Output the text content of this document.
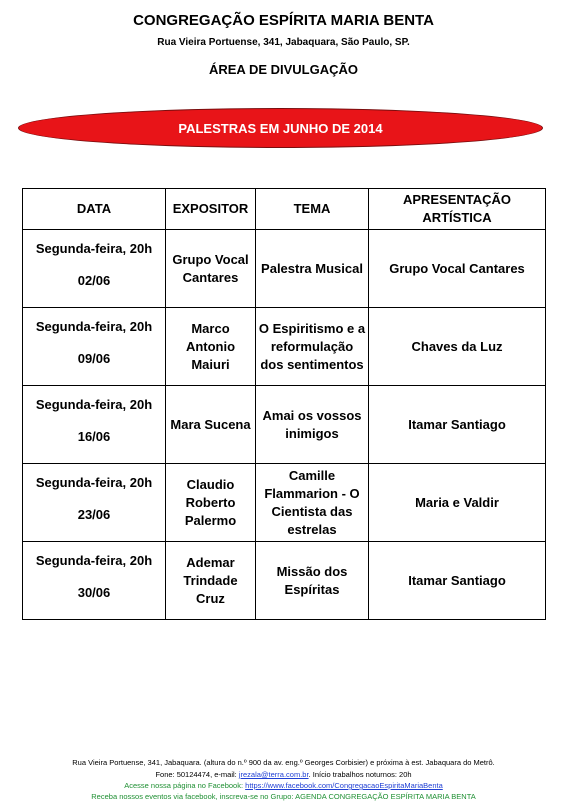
CONGREGAÇÃO ESPÍRITA MARIA BENTA
Rua Vieira Portuense, 341, Jabaquara, São Paulo, SP.
ÁREA DE DIVULGAÇÃO
PALESTRAS EM JUNHO DE 2014
DATA	EXPOSITOR	TEMA	APRESENTAÇÃO ARTÍSTICA

Segunda-feira, 20h
02/06	Grupo Vocal Cantares	Palestra Musical	Grupo Vocal Cantares

Segunda-feira, 20h
09/06	Marco Antonio Maiuri	O Espiritismo e a reformulação dos sentimentos	Chaves da Luz

Segunda-feira, 20h
16/06	Mara Sucena	Amai os vossos inimigos	Itamar Santiago

Segunda-feira, 20h
23/06	Claudio Roberto Palermo	Camille Flammarion - O Cientista das estrelas	Maria e Valdir

Segunda-feira, 20h
30/06	Ademar Trindade Cruz	Missão dos Espíritas	Itamar Santiago
Rua Vieira Portuense, 341, Jabaquara. (altura do n.º 900 da av. eng.º Georges Corbisier) e próxima à est. Jabaquara do Metrô.
Fone: 50124474, e-mail: jrezala@terra.com.br. Início trabalhos noturnos: 20h
Acesse nossa página no Facebook: https://www.facebook.com/CongregacaoEspiritaMariaBenta
Receba nossos eventos via facebook, inscreva-se no Grupo: AGENDA CONGREGAÇÃO ESPÍRITA MARIA BENTA
